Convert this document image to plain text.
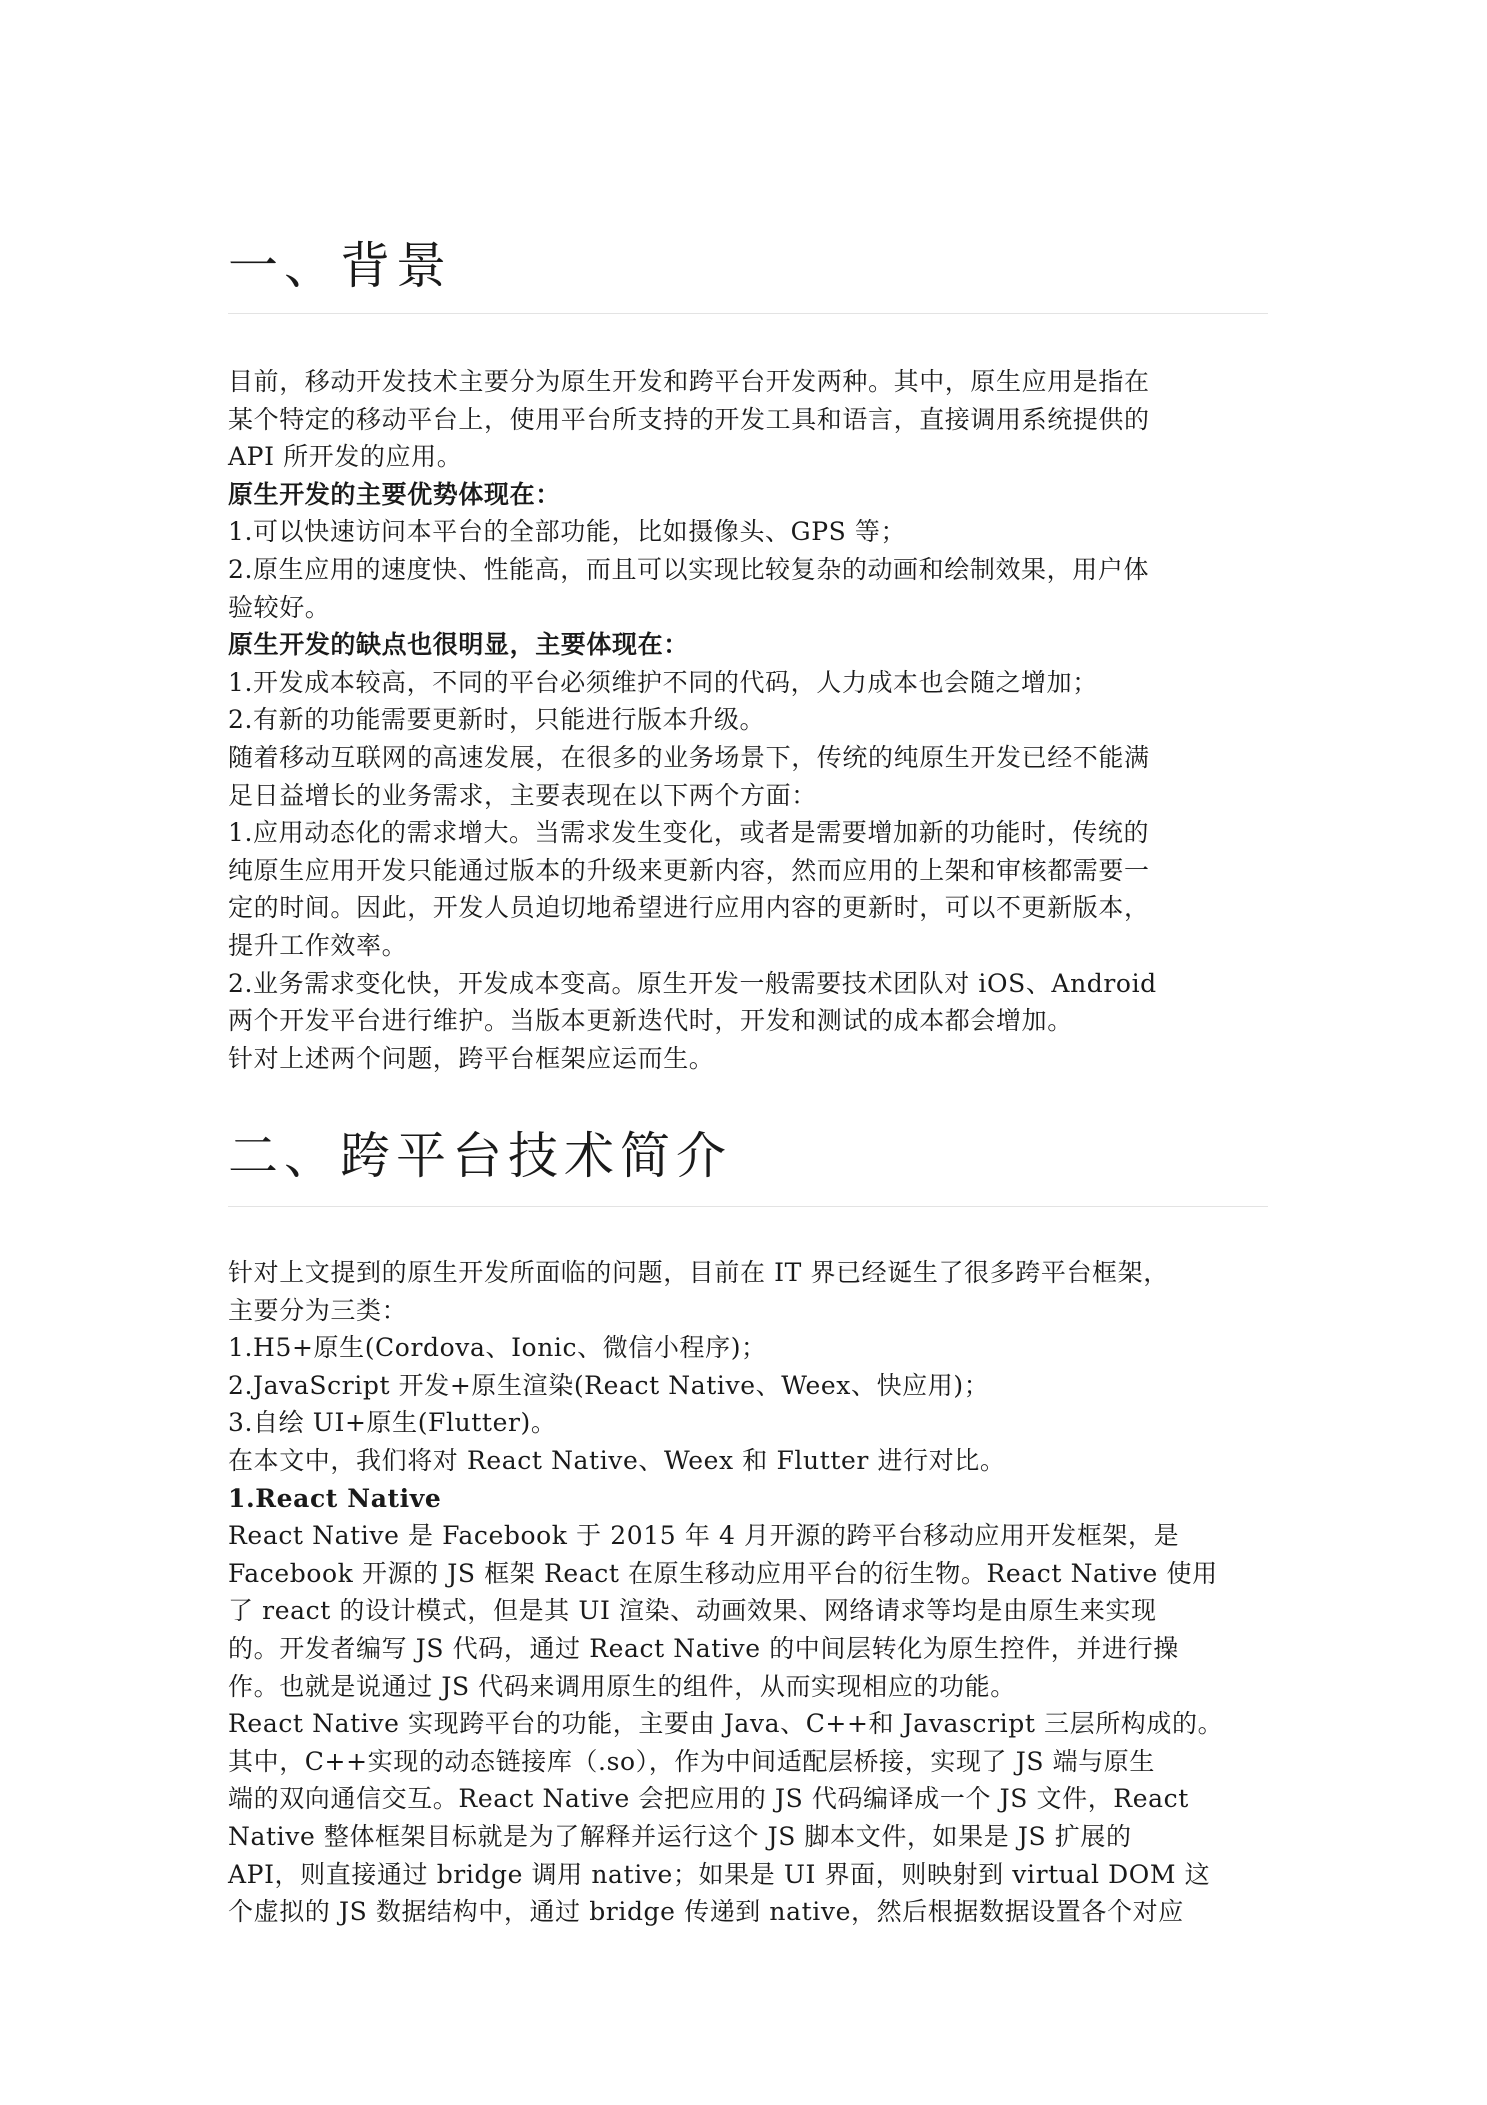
一、背景

目前，移动开发技术主要分为原生开发和跨平台开发两种。其中，原生应用是指在

某个特定的移动平台上，使用平台所支持的开发工具和语言，直接调用系统提供的

API 所开发的应用。

原生开发的主要优势体现在：

1.可以快速访问本平台的全部功能，比如摄像头、GPS 等；

2.原生应用的速度快、性能高，而且可以实现比较复杂的动画和绘制效果，用户体

验较好。

原生开发的缺点也很明显，主要体现在：

1.开发成本较高，不同的平台必须维护不同的代码，人力成本也会随之增加；

2.有新的功能需要更新时，只能进行版本升级。

随着移动互联网的高速发展，在很多的业务场景下，传统的纯原生开发已经不能满

足日益增长的业务需求，主要表现在以下两个方面：

1.应用动态化的需求增大。当需求发生变化，或者是需要增加新的功能时，传统的

纯原生应用开发只能通过版本的升级来更新内容，然而应用的上架和审核都需要一

定的时间。因此，开发人员迫切地希望进行应用内容的更新时，可以不更新版本，

提升工作效率。

2.业务需求变化快，开发成本变高。原生开发一般需要技术团队对 iOS、Android

两个开发平台进行维护。当版本更新迭代时，开发和测试的成本都会增加。

针对上述两个问题，跨平台框架应运而生。

二、跨平台技术简介

针对上文提到的原生开发所面临的问题，目前在 IT 界已经诞生了很多跨平台框架，

主要分为三类：

1.H5+原生(Cordova、Ionic、微信小程序)；

2.JavaScript 开发+原生渲染(React Native、Weex、快应用)；

3.自绘 UI+原生(Flutter)。

在本文中，我们将对 React Native、Weex 和 Flutter 进行对比。

1.React Native

React Native 是 Facebook 于 2015 年 4 月开源的跨平台移动应用开发框架，是

Facebook 开源的 JS 框架 React 在原生移动应用平台的衍生物。React Native 使用

了 react 的设计模式，但是其 UI 渲染、动画效果、网络请求等均是由原生来实现

的。开发者编写 JS 代码，通过 React Native 的中间层转化为原生控件，并进行操

作。也就是说通过 JS 代码来调用原生的组件，从而实现相应的功能。

React Native 实现跨平台的功能，主要由 Java、C++和 Javascript 三层所构成的。

其中，C++实现的动态链接库（.so），作为中间适配层桥接，实现了 JS 端与原生

端的双向通信交互。React Native 会把应用的 JS 代码编译成一个 JS 文件，React

Native 整体框架目标就是为了解释并运行这个 JS 脚本文件，如果是 JS 扩展的

API，则直接通过 bridge 调用 native；如果是 UI 界面，则映射到 virtual DOM 这

个虚拟的 JS 数据结构中，通过 bridge 传递到 native，然后根据数据设置各个对应
